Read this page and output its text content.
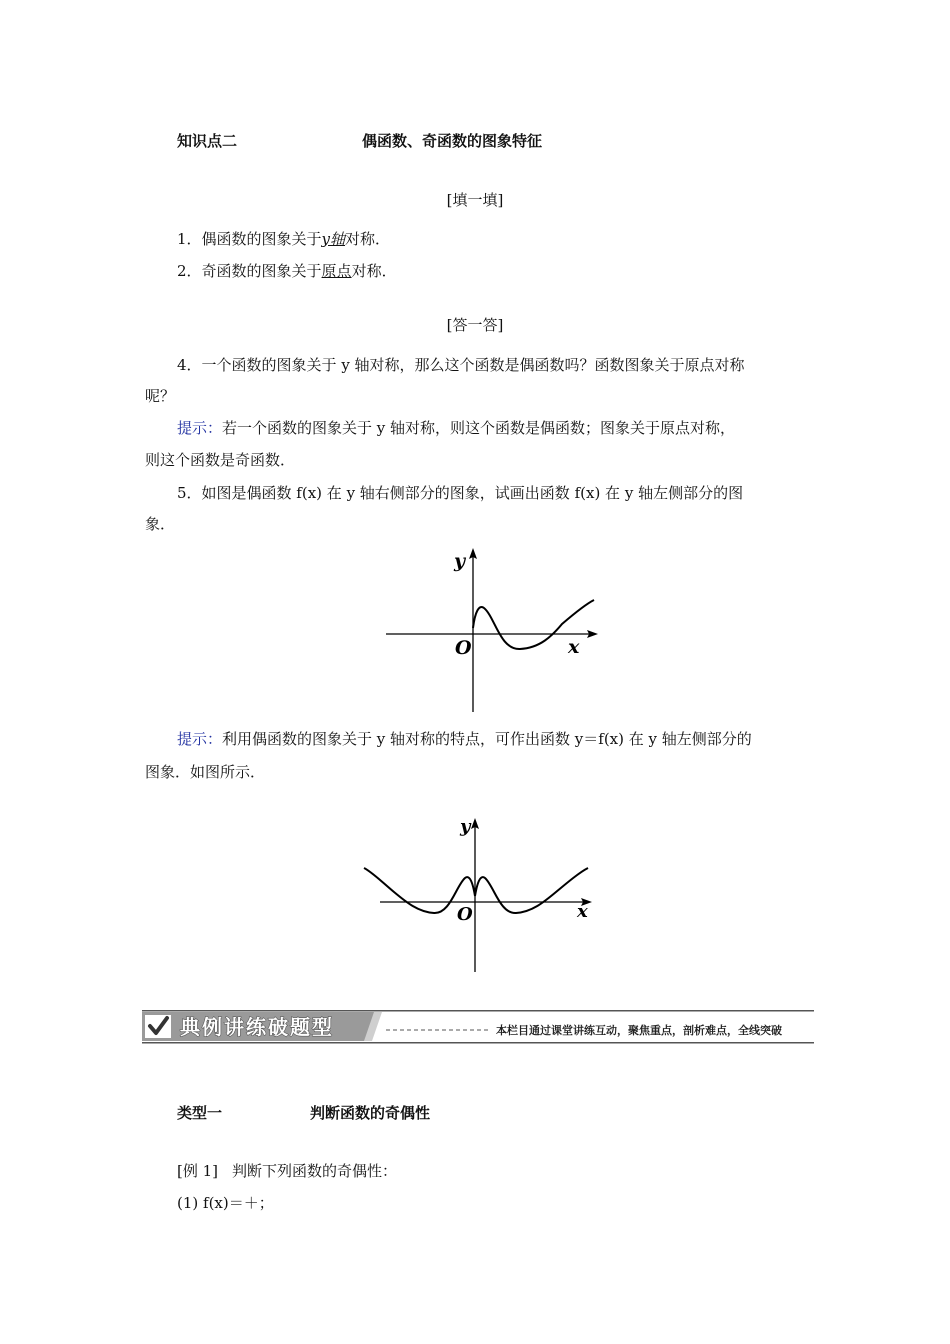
知识点二	偶函数、奇函数的图象特征
[填一填]
1．偶函数的图象关于y轴对称．
2．奇函数的图象关于原点对称．
[答一答]
4．一个函数的图象关于 y 轴对称，那么这个函数是偶函数吗？函数图象关于原点对称
呢？
提示：若一个函数的图象关于 y 轴对称，则这个函数是偶函数；图象关于原点对称，
则这个函数是奇函数．
5．如图是偶函数 f(x) 在 y 轴右侧部分的图象，试画出函数 f(x) 在 y 轴左侧部分的图
象．
y
O	x
提示：利用偶函数的图象关于 y 轴对称的特点，可作出函数 y＝f(x) 在 y 轴左侧部分的
图象．如图所示．
y
O	x
典例讲练破题型	本栏目通过课堂讲练互动，聚焦重点，剖析难点，全线突破
类型一	判断函数的奇偶性
[例 1] 判断下列函数的奇偶性：
(1) f(x)＝＋；
